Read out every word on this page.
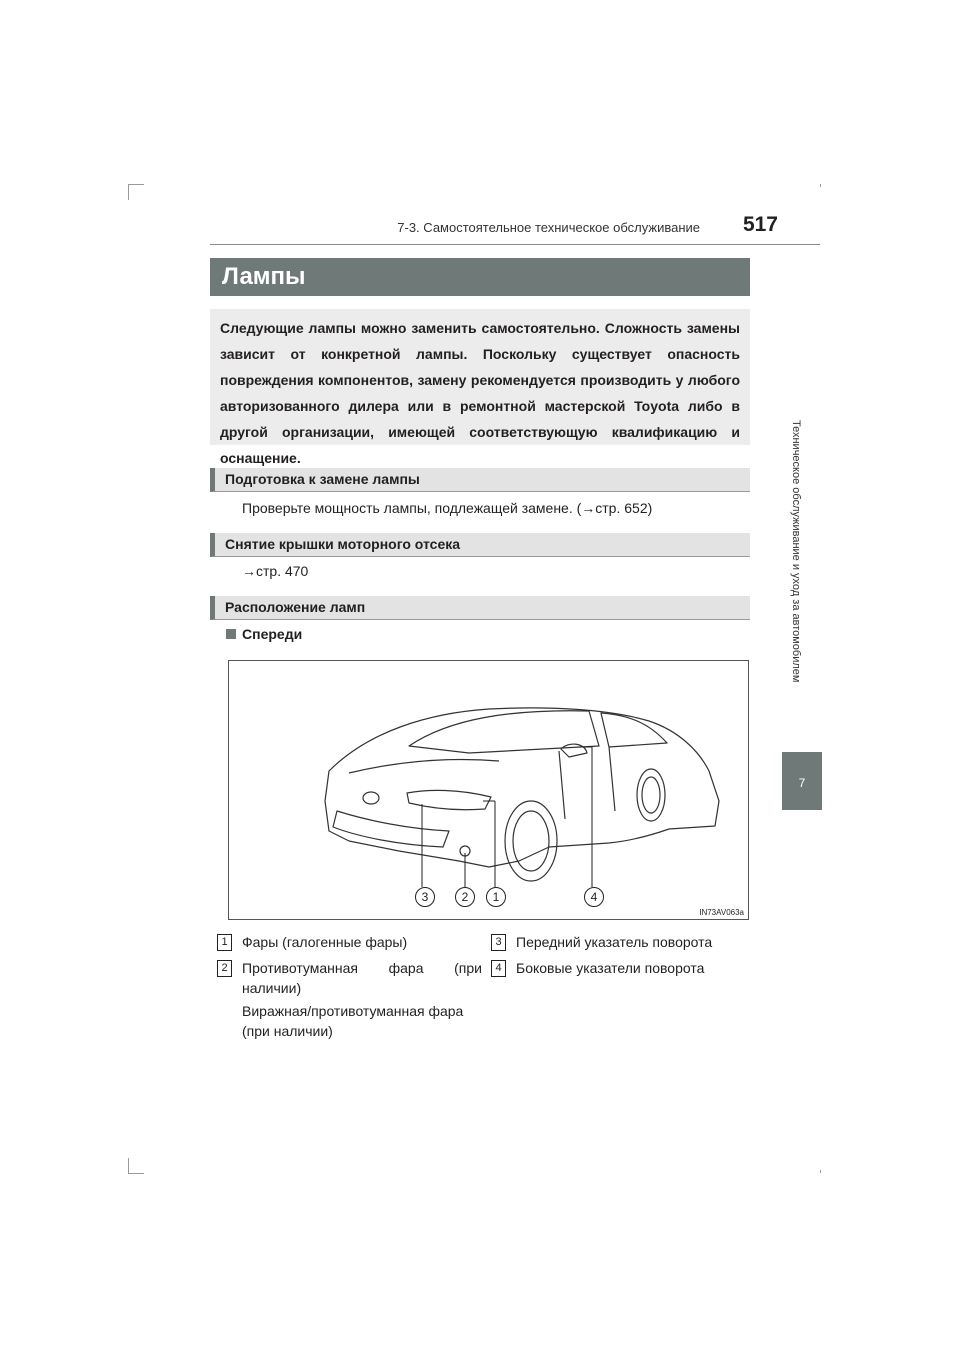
7-3. Самостоятельное техническое обслуживание	517
Техническое обслуживание и уход за автомобилем
7
Лампы
Следующие лампы можно заменить самостоятельно. Сложность замены зависит от конкретной лампы. Поскольку существует опасность повреждения компонентов, замену рекомендуется производить у любого авторизованного дилера или в ремонтной мастерской Toyota либо в другой организации, имеющей соответствующую квалификацию и оснащение.
Подготовка к замене лампы
Проверьте мощность лампы, подлежащей замене. (→стр. 652)
Снятие крышки моторного отсека
→стр. 470
Расположение ламп
Спереди
3	2	1	4
IN73AV063a
1	Фары (галогенные фары)
2	Противотуманная фара (при наличии)
Виражная/противотуманная фара (при наличии)
3	Передний указатель поворота
4	Боковые указатели поворота
